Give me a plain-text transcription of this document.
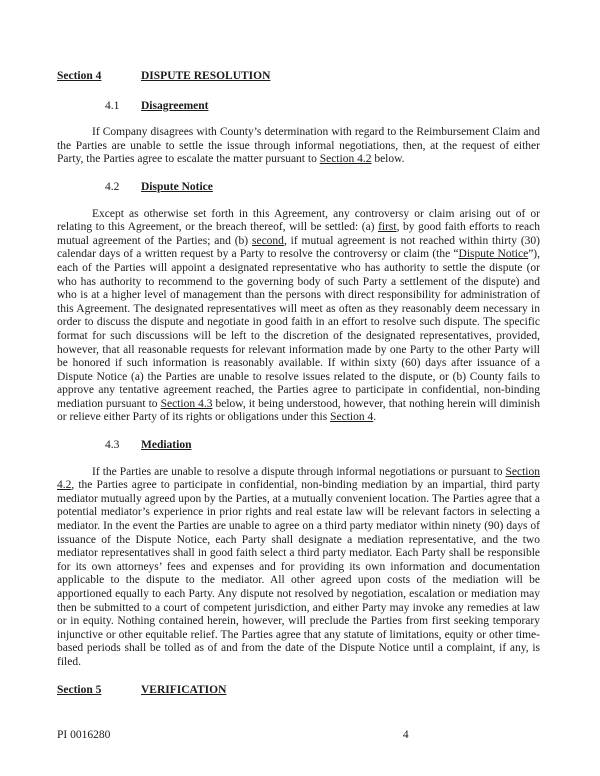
Section 4	DISPUTE RESOLUTION
4.1 Disagreement

If Company disagrees with County’s determination with regard to the Reimbursement Claim and the Parties are unable to settle the issue through informal negotiations, then, at the request of either Party, the Parties agree to escalate the matter pursuant to Section 4.2 below.

4.2 Dispute Notice

Except as otherwise set forth in this Agreement, any controversy or claim arising out of or relating to this Agreement, or the breach thereof, will be settled: (a) first, by good faith efforts to reach mutual agreement of the Parties; and (b) second, if mutual agreement is not reached within thirty (30) calendar days of a written request by a Party to resolve the controversy or claim (the “Dispute Notice”), each of the Parties will appoint a designated representative who has authority to settle the dispute (or who has authority to recommend to the governing body of such Party a settlement of the dispute) and who is at a higher level of management than the persons with direct responsibility for administration of this Agreement. The designated representatives will meet as often as they reasonably deem necessary in order to discuss the dispute and negotiate in good faith in an effort to resolve such dispute. The specific format for such discussions will be left to the discretion of the designated representatives, provided, however, that all reasonable requests for relevant information made by one Party to the other Party will be honored if such information is reasonably available. If within sixty (60) days after issuance of a Dispute Notice (a) the Parties are unable to resolve issues related to the dispute, or (b) County fails to approve any tentative agreement reached, the Parties agree to participate in confidential, non-binding mediation pursuant to Section 4.3 below, it being understood, however, that nothing herein will diminish or relieve either Party of its rights or obligations under this Section 4.

4.3 Mediation

If the Parties are unable to resolve a dispute through informal negotiations or pursuant to Section 4.2, the Parties agree to participate in confidential, non-binding mediation by an impartial, third party mediator mutually agreed upon by the Parties, at a mutually convenient location. The Parties agree that a potential mediator’s experience in prior rights and real estate law will be relevant factors in selecting a mediator. In the event the Parties are unable to agree on a third party mediator within ninety (90) days of issuance of the Dispute Notice, each Party shall designate a mediation representative, and the two mediator representatives shall in good faith select a third party mediator. Each Party shall be responsible for its own attorneys’ fees and expenses and for providing its own information and documentation applicable to the dispute to the mediator. All other agreed upon costs of the mediation will be apportioned equally to each Party. Any dispute not resolved by negotiation, escalation or mediation may then be submitted to a court of competent jurisdiction, and either Party may invoke any remedies at law or in equity. Nothing contained herein, however, will preclude the Parties from first seeking temporary injunctive or other equitable relief. The Parties agree that any statute of limitations, equity or other time-based periods shall be tolled as of and from the date of the Dispute Notice until a complaint, if any, is filed.

Section 5	VERIFICATION
PI 0016280	4
